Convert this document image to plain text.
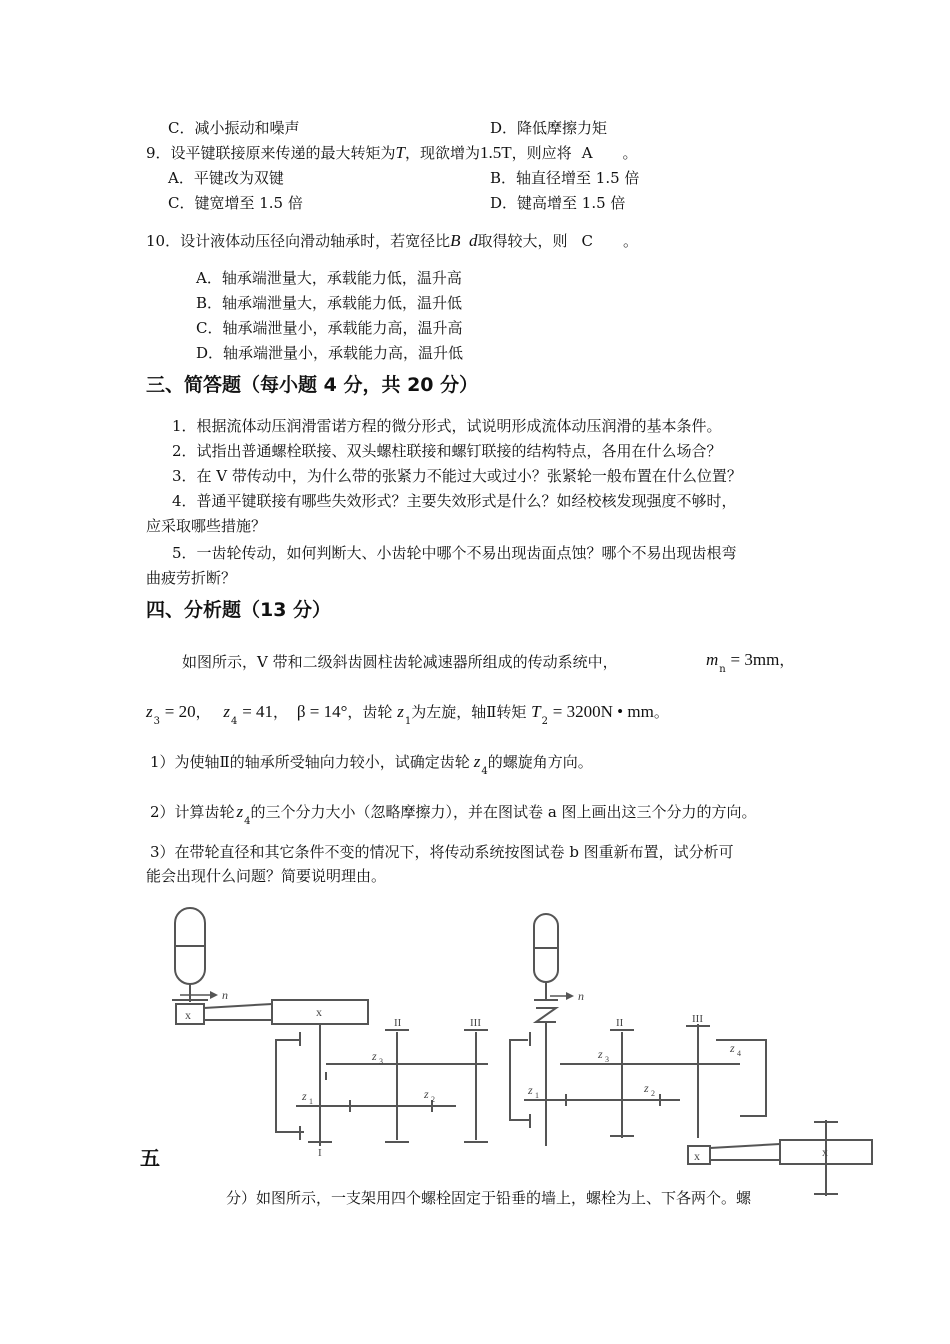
C．减小振动和噪声	D．降低摩擦力矩
9．设平键联接原来传递的最大转矩为T，现欲增为1.5T，则应将 A 。
A．平键改为双键	B．轴直径增至 1.5 倍
C．键宽增至 1.5 倍	D．键高增至 1.5 倍
10．设计液体动压径向滑动轴承时，若宽径比B  d取得较大，则 C 。
A．轴承端泄量大，承载能力低，温升高
B．轴承端泄量大，承载能力低，温升低
C．轴承端泄量小，承载能力高，温升高
D．轴承端泄量小，承载能力高，温升低
三、简答题（每小题 4 分，共 20 分）
1．根据流体动压润滑雷诺方程的微分形式，试说明形成流体动压润滑的基本条件。
2．试指出普通螺栓联接、双头螺柱联接和螺钉联接的结构特点，各用在什么场合？
3．在 V 带传动中，为什么带的张紧力不能过大或过小？张紧轮一般布置在什么位置？
4．普通平键联接有哪些失效形式？主要失效形式是什么？如经校核发现强度不够时，
应采取哪些措施？
5．一齿轮传动，如何判断大、小齿轮中哪个不易出现齿面点蚀？哪个不易出现齿根弯
曲疲劳折断？
四、分析题（13 分）
如图所示，V 带和二级斜齿圆柱齿轮减速器所组成的传动系统中，	$m_n = 3mm$，
$z_3 = 20$， $z_4 = 41$， β = 14°，齿轮 $z_1$为左旋，轴Ⅱ转矩 $T_2 = 3200N$ • mm。
1）为使轴Ⅱ的轴承所受轴向力较小，试确定齿轮 $z_4$的螺旋角方向。
2）计算齿轮 $z_4$的三个分力大小（忽略摩擦力），并在图试卷 a 图上画出这三个分力的方向。
3）在带轮直径和其它条件不变的情况下，将传动系统按图试卷 b 图重新布置，试分析可
能会出现什么问题？简要说明理由。
n
x	x
II	III
I
z 3
z 1
z 2
n
II	III
z 3
z 4
z 1
z 2
x	x
五
分）如图所示，一支架用四个螺栓固定于铅垂的墙上，螺栓为上、下各两个。螺
